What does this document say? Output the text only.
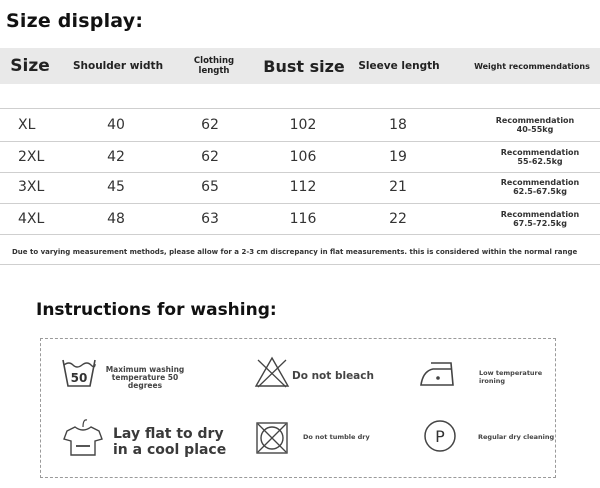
Size display:
Size	Shoulder width	Clothing
length	Bust size	Sleeve length	Weight recommendations
XL	40	62	102	18	Recommendation
40-55kg
2XL	42	62	106	19	Recommendation
55-62.5kg
3XL	45	65	112	21	Recommendation
62.5-67.5kg
4XL	48	63	116	22	Recommendation
67.5-72.5kg
Due to varying measurement methods, please allow for a 2-3 cm discrepancy in flat measurements. this is considered within the normal range
Instructions for washing:
50
Maximum washing
temperature 50
degrees
Do not bleach	Low temperature
ironing
Lay flat to dry
in a cool place
Do not tumble dry	P	Regular dry cleaning
